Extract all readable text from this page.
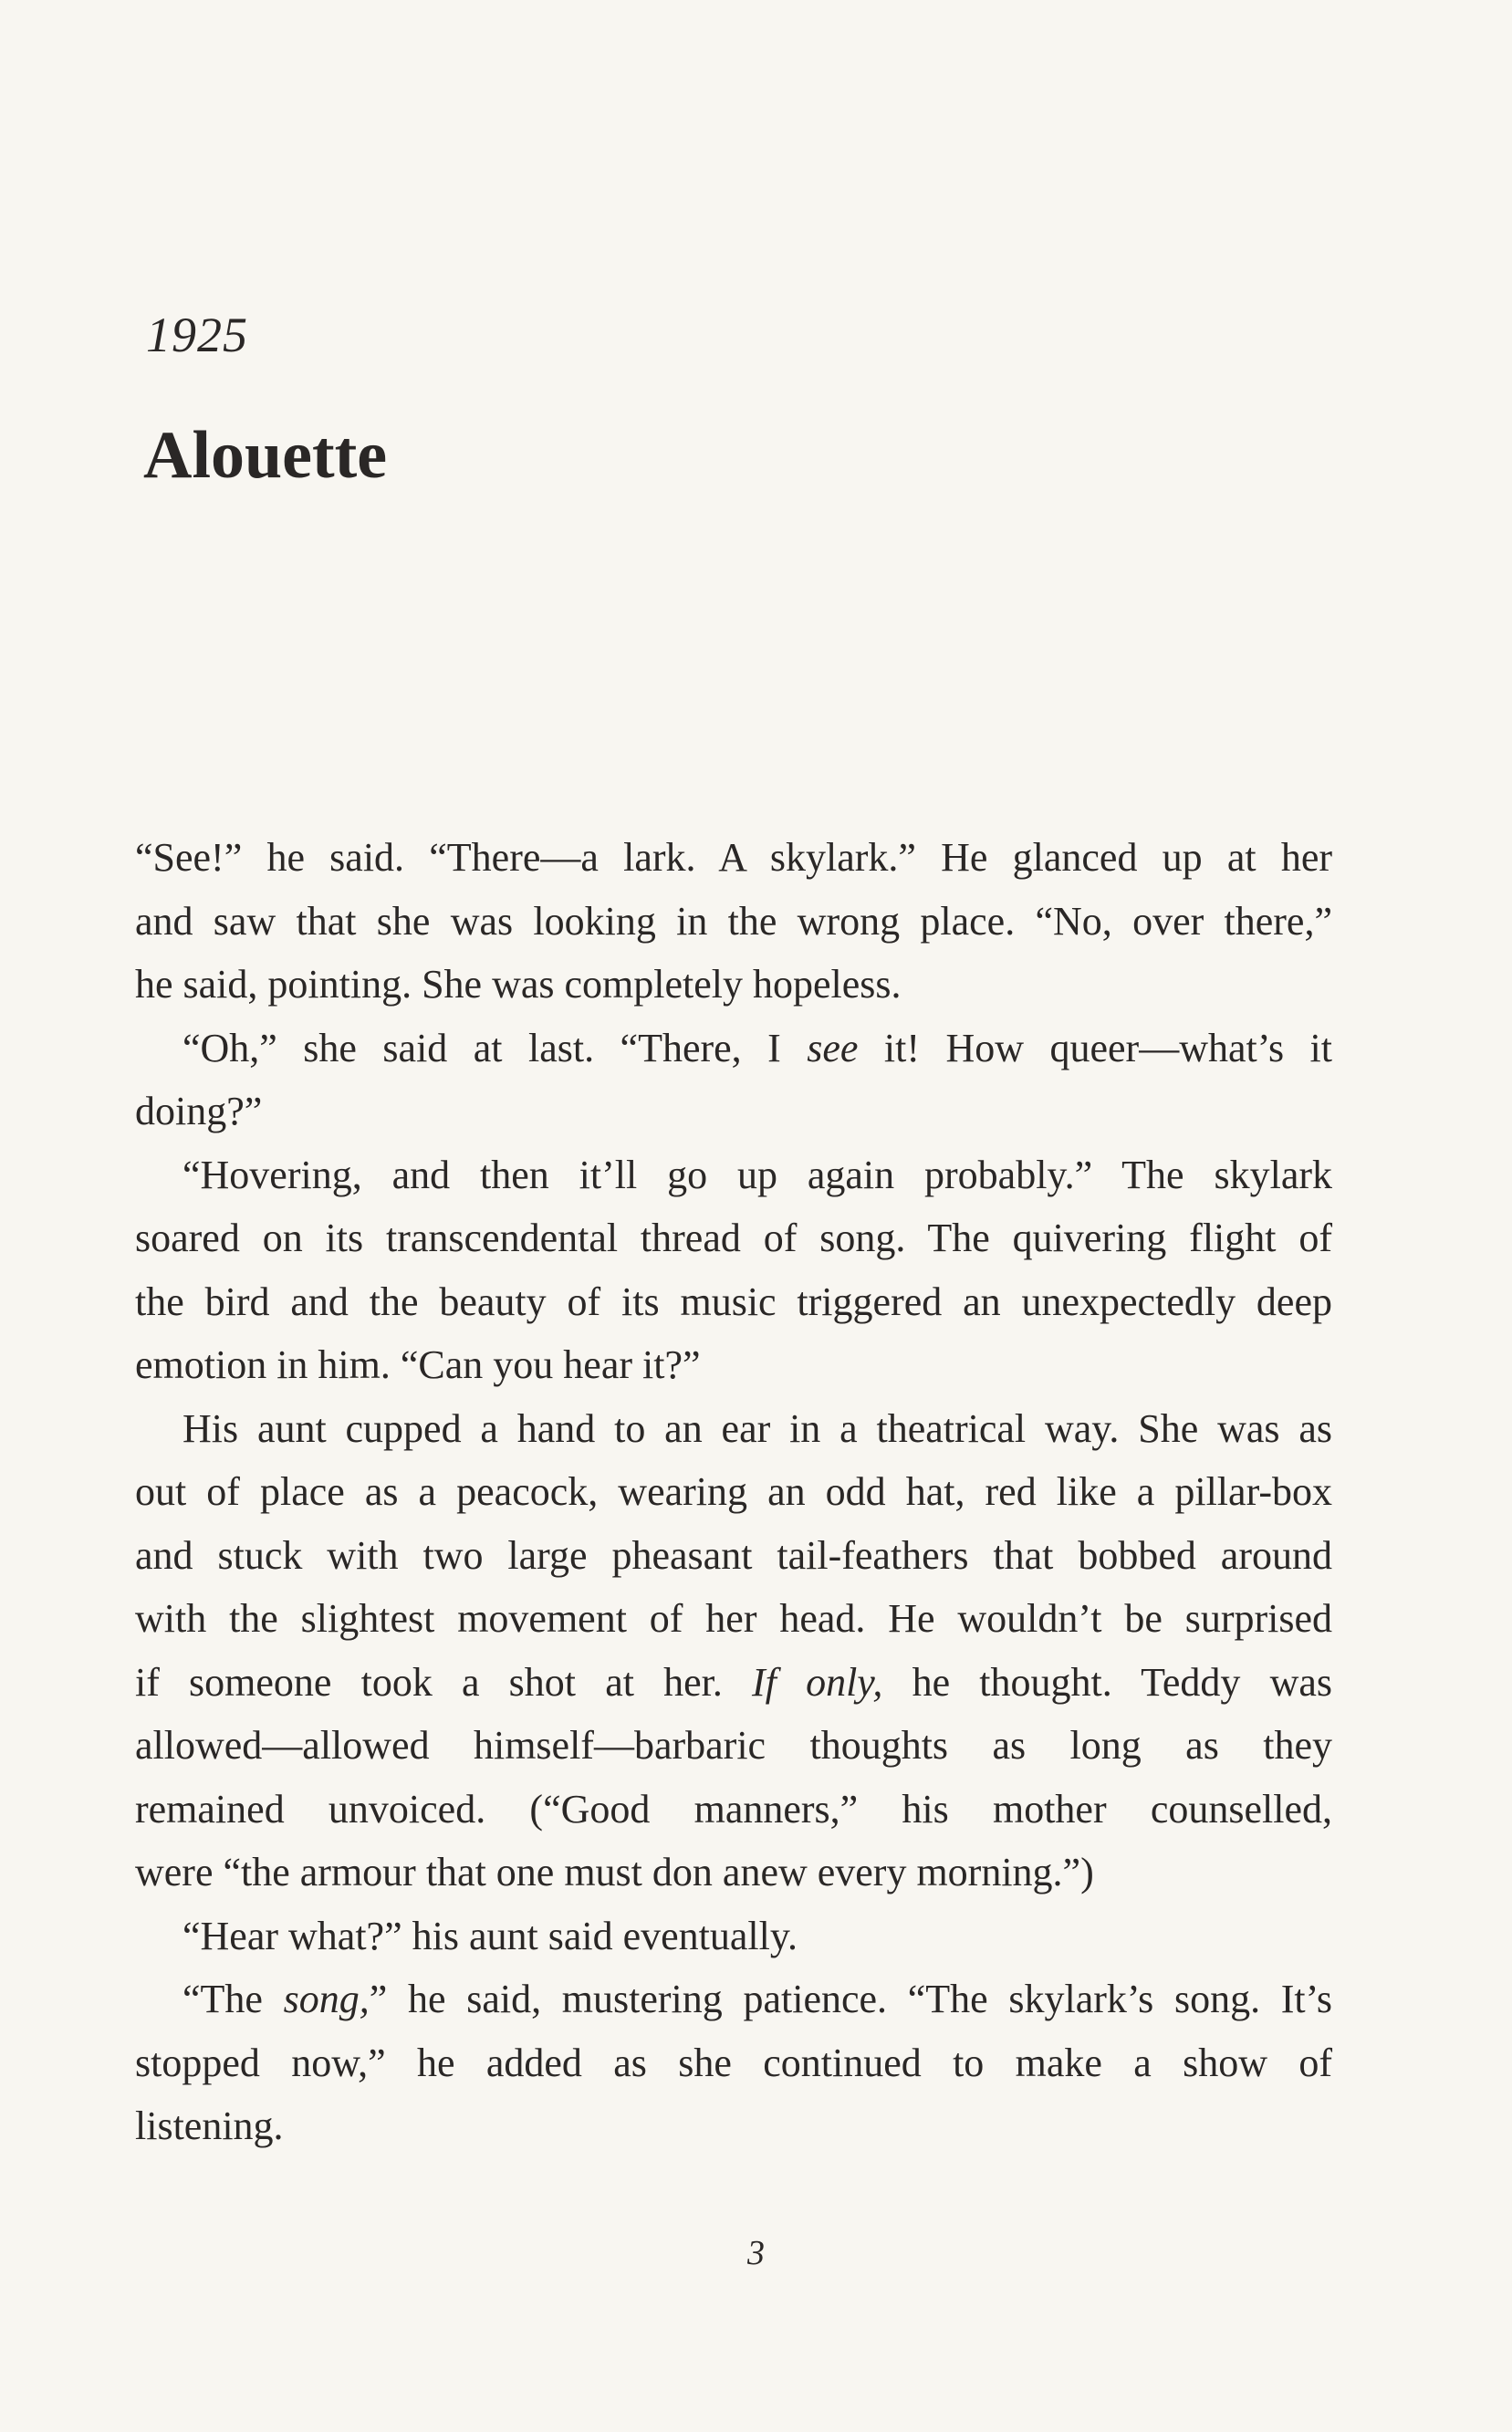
1925
Alouette

“See!” he said. “There—a lark. A skylark.” He glanced up at her

and saw that she was looking in the wrong place. “No, over there,”

he said, pointing. She was completely hopeless.

“Oh,” she said at last. “There, I see it! How queer—what’s it

doing?”

“Hovering, and then it’ll go up again probably.” The skylark

soared on its transcendental thread of song. The quivering flight of

the bird and the beauty of its music triggered an unexpectedly deep

emotion in him. “Can you hear it?”

His aunt cupped a hand to an ear in a theatrical way. She was as

out of place as a peacock, wearing an odd hat, red like a pillar-box

and stuck with two large pheasant tail-feathers that bobbed around

with the slightest movement of her head. He wouldn’t be surprised

if someone took a shot at her. If only, he thought. Teddy was

allowed—allowed himself—barbaric thoughts as long as they

remained unvoiced. (“Good manners,” his mother counselled,

were “the armour that one must don anew every morning.”)

“Hear what?” his aunt said eventually.

“The song,” he said, mustering patience. “The skylark’s song. It’s

stopped now,” he added as she continued to make a show of

listening.

3
